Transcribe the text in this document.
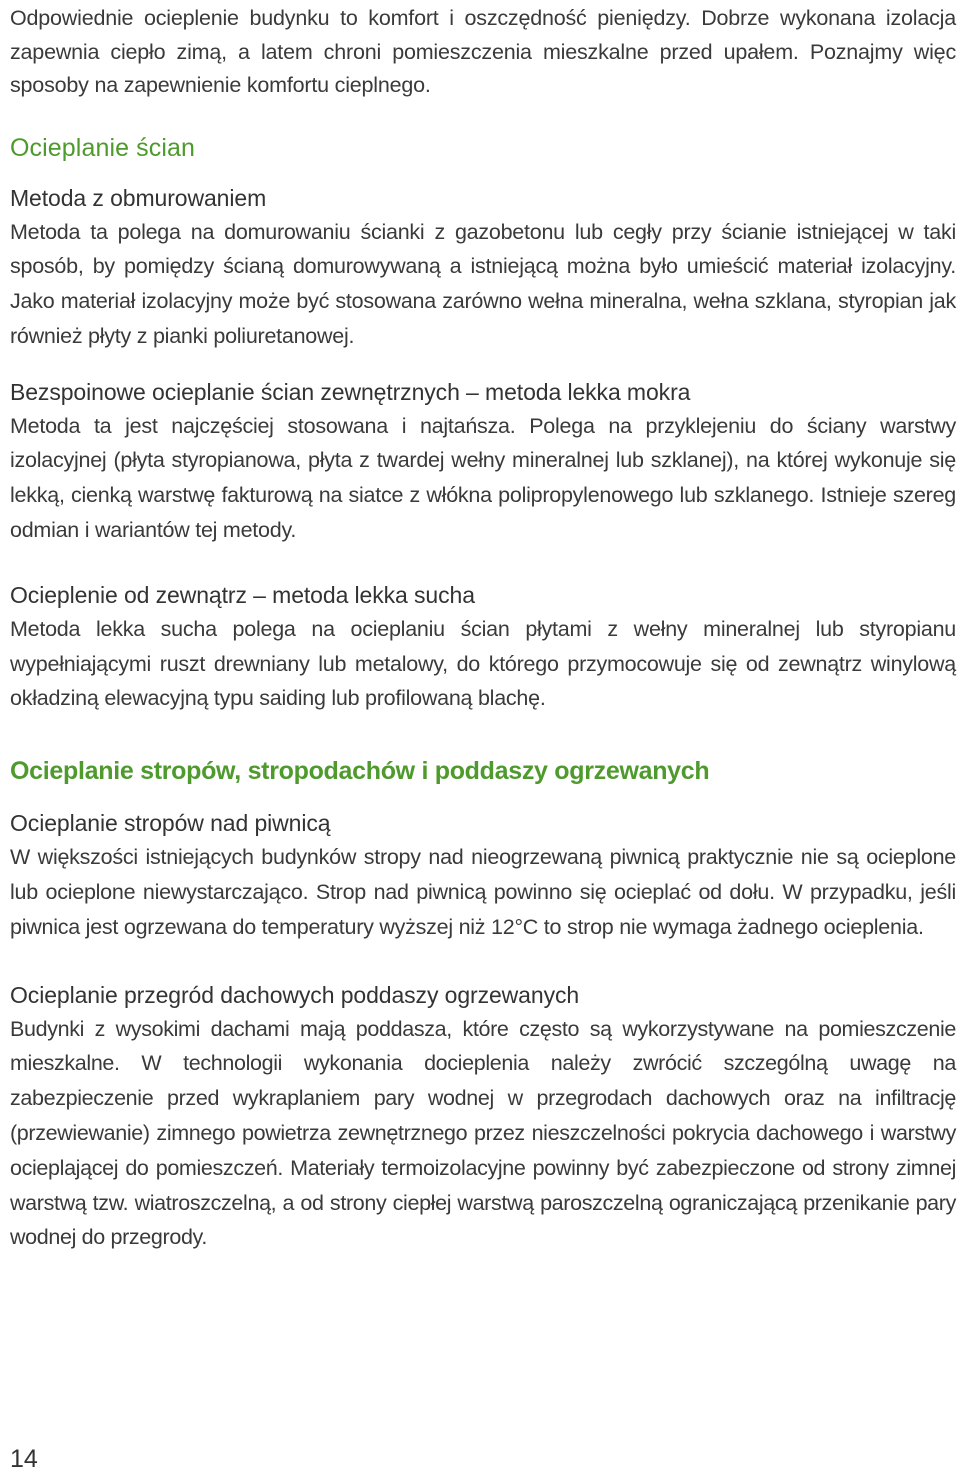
Odpowiednie ocieplenie budynku to komfort i oszczędność pieniędzy. Dobrze wykonana izolacja zapewnia ciepło zimą, a latem chroni pomieszczenia mieszkalne przed upałem. Poznajmy więc sposoby na zapewnienie komfortu cieplnego.

Ocieplanie ścian
Metoda z obmurowaniem

Metoda ta polega na domurowaniu ścianki z gazobetonu lub cegły przy ścianie istniejącej w taki sposób, by pomiędzy ścianą domurowywaną a istniejącą można było umieścić materiał izolacyjny. Jako materiał izolacyjny może być stosowana zarówno wełna mineralna, wełna szklana, styropian jak również płyty z pianki poliuretanowej.

Bezspoinowe ocieplanie ścian zewnętrznych – metoda lekka mokra

Metoda ta jest najczęściej stosowana i najtańsza. Polega na przyklejeniu do ściany warstwy izolacyjnej (płyta styropianowa, płyta z twardej wełny mineralnej lub szklanej), na której wykonuje się lekką, cienką warstwę fakturową na siatce z włókna polipropylenowego lub szklanego. Istnieje szereg odmian i wariantów tej metody.

Ocieplenie od zewnątrz – metoda lekka sucha

Metoda lekka sucha polega na ocieplaniu ścian płytami z wełny mineralnej lub styropianu wypełniającymi ruszt drewniany lub metalowy, do którego przymocowuje się od zewnątrz winylową okładziną elewacyjną typu saiding lub profilowaną blachę.

Ocieplanie stropów, stropodachów i poddaszy ogrzewanych
Ocieplanie stropów nad piwnicą

W większości istniejących budynków stropy nad nieogrzewaną piwnicą praktycznie nie są ocieplone lub ocieplone niewystarczająco. Strop nad piwnicą powinno się ocieplać od dołu. W przypadku, jeśli piwnica jest ogrzewana do temperatury wyższej niż 12°C to strop nie wymaga żadnego ocieplenia.

Ocieplanie przegród dachowych poddaszy ogrzewanych

Budynki z wysokimi dachami mają poddasza, które często są wykorzystywane na pomieszczenie mieszkalne. W technologii wykonania docieplenia należy zwrócić szczególną uwagę na zabezpieczenie przed wykraplaniem pary wodnej w przegrodach dachowych oraz na infiltrację (przewiewanie) zimnego powietrza zewnętrznego przez nieszczelności pokrycia dachowego i warstwy ocieplającej do pomieszczeń. Materiały termoizolacyjne powinny być zabezpieczone od strony zimnej warstwą tzw. wiatroszczelną, a od strony ciepłej warstwą paroszczelną ograniczającą przenikanie pary wodnej do przegrody.

14
